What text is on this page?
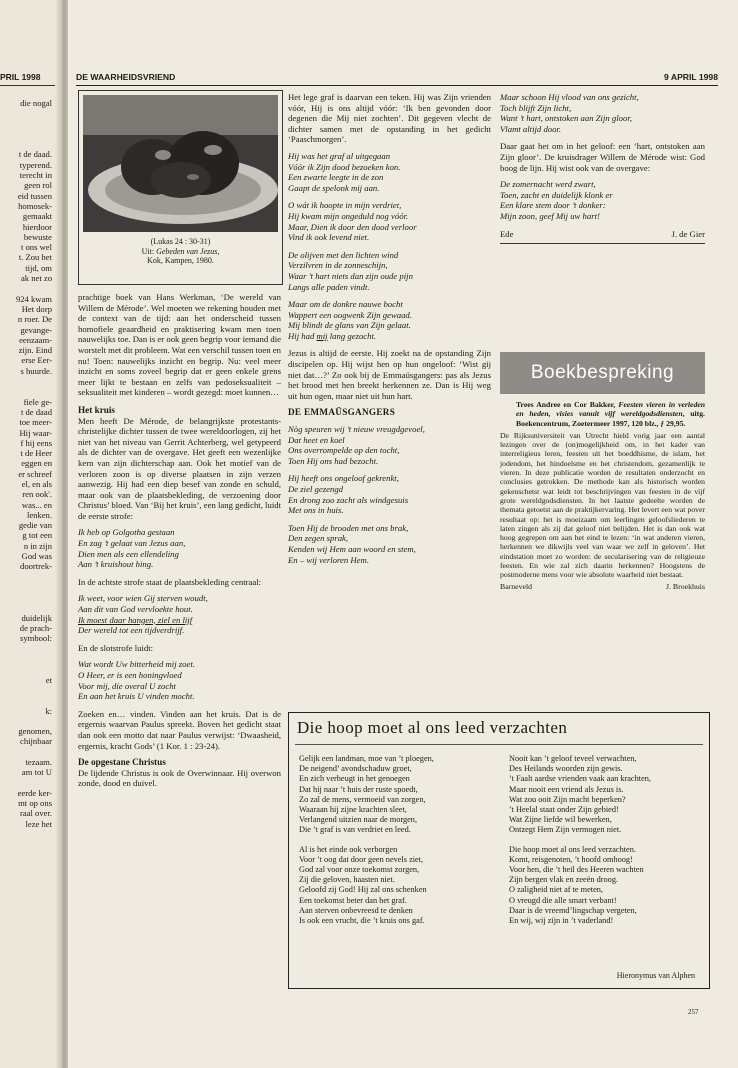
PRIL 1998
die nogal
t de daad.
typerend.
terecht in
geen rol
eid tussen
homosek-
gemaakt
hierdoor
bewuste
t ons wel
t. Zou het
tijd, om
ak net zo
924 kwam
Het dorp
n roer. De
gevange-
eenzaam-
zijn. Eind
erse Eer-
s huurde.
fiele ge-
t de daad
toe meer-
Hij waar-
f hij eens
t de Heer
eggen en
er schreef
el, en als
ren ook'.
was... en
lenken.
gedie van
g tot een
n in zijn
God was
doortrek-
duidelijk
de prach-
symbool:
et
k:
genomen,
chijnbaar
tezaam.
am tot U
eerde ker-
mt op ons
raal over.
leze het
DE WAARHEIDSVRIEND	9 APRIL 1998
(Lukas 24 : 30-31)
Uit: Gebeden van Jezus,
Kok, Kampen, 1980.

prachtige boek van Hans Werkman, ‘De wereld van Willem de Mérode’. Wel moeten we rekening houden met de context van de tijd: aan het onderscheid tussen homofiele geaardheid en praktisering kwam men toen nauwelijks toe. Dan is er ook geen begrip voor iemand die worstelt met dit probleem. Wat een verschil tussen toen en nu! Toen: nauwelijks inzicht en begrip. Nu: veel meer inzicht en soms zoveel begrip dat er geen enkele grens meer lijkt te bestaan en zelfs van pedoseksualiteit – seksualiteit met kinderen – wordt gezegd: moet kunnen…

Het kruis

Men heeft De Mérode, de belangrijkste protestants-christelijke dichter tussen de twee wereldoorlogen, zij het niet van het niveau van Gerrit Achterberg, wel getypeerd als de dichter van de overgave. Het geeft een wezenlijke kern van zijn dichterschap aan. Ook het motief van de verloren zoon is op diverse plaatsen in zijn verzen aanwezig. Hij had een diep besef van zonde en schuld, maar ook van de plaatsbekleding, de verzoening door Christus’ bloed. Van ‘Bij het kruis’, een lang gedicht, luidt de eerste strofe:

Ik heb op Golgotha gestaan
En zag ’t gelaat van Jezus aan,
Dien men als een ellendeling
Aan ’t kruishout hing.

In de achtste strofe staat de plaatsbekleding centraal:

Ik weet, voor wien Gij sterven woudt,
Aan dit van God vervloekte hout.
Ik moest daar hangen, ziel en lijf
Der wereld tot een tijdverdrijf.

En de slotstrofe luidt:

Wat wordt Uw bitterheid mij zoet.
O Heer, er is een honingvloed
Voor mij, die overal U zocht
En aan het kruis U vinden mocht.

Zoeken en… vinden. Vinden aan het kruis. Dat is de ergernis waarvan Paulus spreekt. Boven het gedicht staat dan ook een motto dat naar Paulus verwijst: ‘Dwaasheid, ergernis, kracht Gods’ (1 Kor. 1 : 23-24).

De opgestane Christus

De lijdende Christus is ook de Overwinnaar. Hij overwon zonde, dood en duivel.

Het lege graf is daarvan een teken. Hij was Zijn vrienden vóór, Hij is ons altijd vóór: ‘Ik ben gevonden door degenen die Mij niet zochten’. Dit gegeven vlecht de dichter samen met de opstanding in het gedicht ‘Paaschmorgen’.

Hij was het graf al uitgegaan
Vóór ik Zijn dood bezoeken kon.
Een zwarte leegte in de zon
Gaapt de spelonk mij aan.
O wát ik hoopte in mijn verdriet,
Hij kwam mijn ongeduld nog vóór.
Maar, Dien ik door den dood verloor
Vind ik ook levend niet.
De olijven met den lichten wind
Verzilvren in de zonneschijn,
Waar ’t hart niets dan zijn oude pijn
Langs alle paden vindt.
Maar om de donkre nauwe bocht
Wappert een oogwenk Zijn gewaad.
Mij blindt de glans van Zijn gelaat.
Hij had mij lang gezocht.

Jezus is altijd de eerste. Hij zoekt na de opstanding Zijn discipelen op. Hij wijst hen op hun ongeloof: ‘Wist gij niet dat…?’ Zo ook bij de Emmaüsgangers: pas als Jezus het brood met hen breekt herkennen ze. Dan is Hij weg uit hun ogen, maar niet uit hun hart.

DE EMMAÜSGANGERS
Nòg speuren wij ’t nieuw vreugdgevoel,
Dat heet en koel
Ons overrompelde op den tocht,
Toen Hij ons had bezocht.
Hij heeft ons ongeloof gekrenkt,
De ziel gezengd
En drong zoo zacht als windgesuis
Met ons in huis.
Toen Hij de brooden met ons brak,
Den zegen sprak,
Kenden wij Hem aan woord en stem,
En – wij verloren Hem.
Maar schoon Hij vlood van ons gezicht,
Toch blijft Zijn licht,
Want ’t hart, ontstoken aan Zijn gloor,
Vlamt altijd door.

Daar gaat het om in het geloof: een ‘hart, ontstoken aan Zijn gloor’. De kruisdrager Willem de Mérode wist: God boog de lijn. Hij wist ook van de overgave:

De zomernacht werd zwart,
Toen, zacht en duidelijk klonk er
Een klare stem door ’t donker:
Mijn zoon, geef Mij uw hart!
Ede	J. de Gier
Boekbespreking

Trees Andree en Cor Bakker, Feesten vieren in verleden en heden, visies vanuit vijf wereldgodsdiensten, uitg. Boekencentrum, Zoetermeer 1997, 120 blz., ƒ 29,95.

De Rijksuniversiteit van Utrecht hield vorig jaar een aantal lezingen over de (on)mogelijkheid om, in het kader van interreligieus leren, feesten uit het boeddhisme, de islam, het jodendom, het hindoeïsme en het christendom, gezamenlijk te vieren. In deze publicatie worden de resultaten onderzocht en conclusies getrokken. De methode kan als historisch worden gekenschetst wat leidt tot beschrijvingen van feesten in de vijf grote wereldgodsdiensten. In het laatste gedeelte worden de themata getoetst aan de praktijkervaring. Het levert een wat pover resultaat op: het is moeizaam om leerlingen geloofsliederen te laten zingen als zij dat geloof niet belijden. Het is dan ook wat hoog gegrepen om aan het eind te lezen: ‘in wat anderen vieren, herkennen we dikwijls veel van waar we zelf in geloven’. Het eindstation moet zo worden: de secularisering van de religieuze feesten. En wie zal zich daarin herkennen? Hoogstens de postmoderne mens voor wie absolute waarheid niet bestaat.

Barneveld	J. Broekhuis
Die hoop moet al ons leed verzachten
Gelijk een landman, moe van ’t ploegen,
De neigend’ avondschaduw groet,
En zich verheugt in het genoegen
Dat hij naar ’t huis der ruste spoedt,
Zo zal de mens, vermoeid van zorgen,
Waaraan hij zijne krachten sleet,
Verlangend uitzien naar de morgen,
Die ’t graf is van verdriet en leed.
Al is het einde ook verborgen
Voor ’t oog dat door geen nevels ziet,
God zal voor onze toekomst zorgen,
Zij die geloven, haasten niet.
Geloofd zij God! Hij zal ons schenken
Een toekomst beter dan het graf.
Aan sterven onbevreesd te denken
Is ook een vrucht, die ’t kruis ons gaf.
Nooit kan ’t geloof teveel verwachten,
Des Heilands woorden zijn gewis.
’t Faalt aardse vrienden vaak aan krachten,
Maar nooit een vriend als Jezus is.
Wat zou ooit Zijn macht beperken?
’t Heelal staat onder Zijn gebied!
Wat Zijne liefde wil bewerken,
Ontzegt Hem Zijn vermogen niet.
Die hoop moet al ons leed verzachten.
Komt, reisgenoten, ’t hoofd omhoog!
Voor hen, die ’t heil des Heeren wachten
Zijn bergen vlak en zeeën droog.
O zaligheid niet af te meten,
O vreugd die alle smart verbant!
Daar is de vreemd’lingschap vergeten,
En wij, wij zijn in ’t vaderland!
Hieronymus van Alphen
257
